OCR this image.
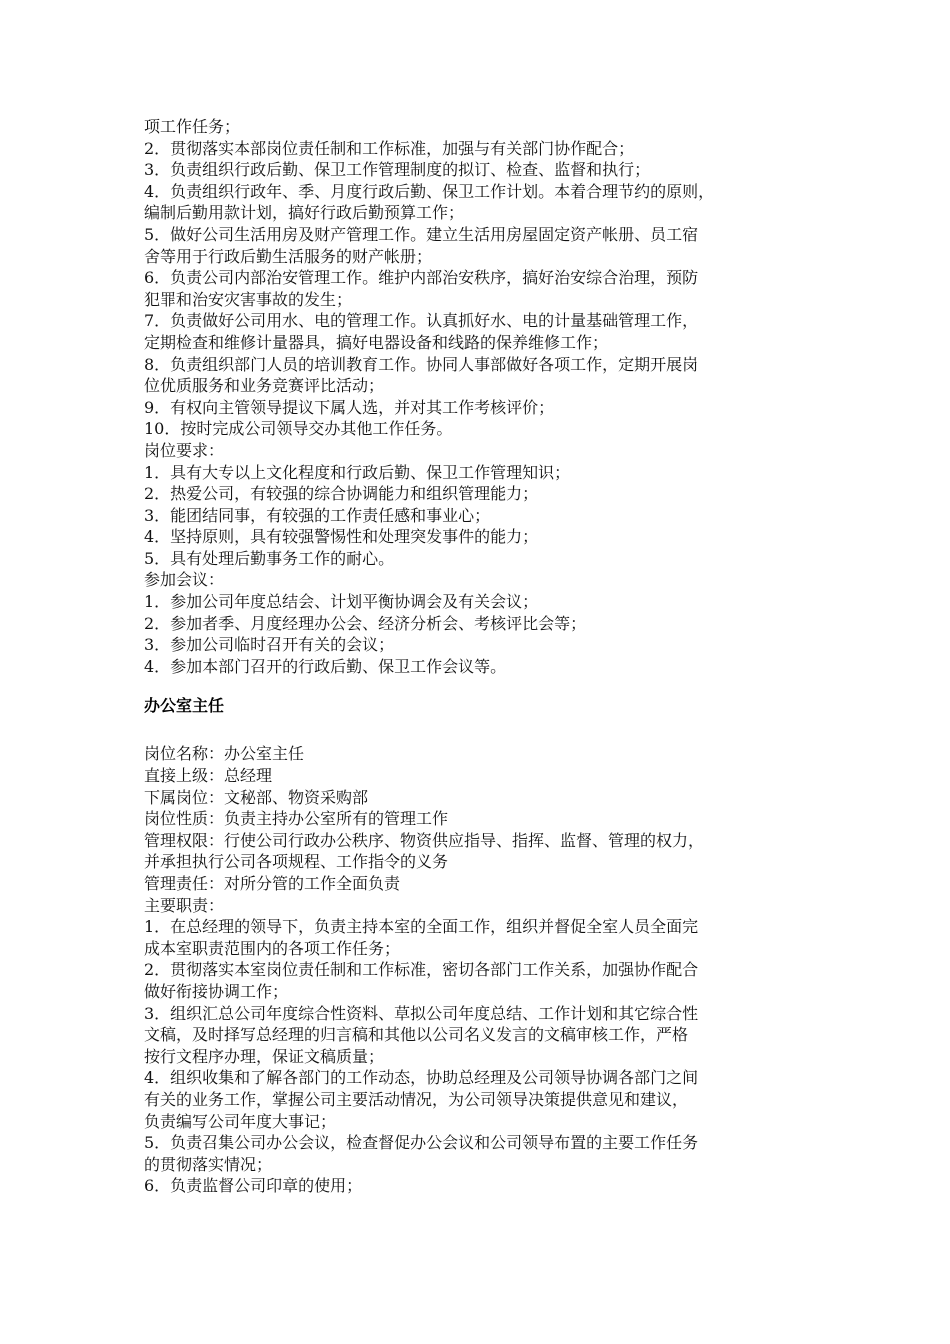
项工作任务；
2．贯彻落实本部岗位责任制和工作标准，加强与有关部门协作配合；
3．负责组织行政后勤、保卫工作管理制度的拟订、检查、监督和执行；
4．负责组织行政年、季、月度行政后勤、保卫工作计划。本着合理节约的原则，
编制后勤用款计划，搞好行政后勤预算工作；
5．做好公司生活用房及财产管理工作。建立生活用房屋固定资产帐册、员工宿
舍等用于行政后勤生活服务的财产帐册；
6．负责公司内部治安管理工作。维护内部治安秩序，搞好治安综合治理，预防
犯罪和治安灾害事故的发生；
7．负责做好公司用水、电的管理工作。认真抓好水、电的计量基础管理工作，
定期检查和维修计量器具，搞好电器设备和线路的保养维修工作；
8．负责组织部门人员的培训教育工作。协同人事部做好各项工作，定期开展岗
位优质服务和业务竞赛评比活动；
9．有权向主管领导提议下属人选，并对其工作考核评价；
10．按时完成公司领导交办其他工作任务。
岗位要求：
1．具有大专以上文化程度和行政后勤、保卫工作管理知识；
2．热爱公司，有较强的综合协调能力和组织管理能力；
3．能团结同事，有较强的工作责任感和事业心；
4．坚持原则，具有较强警惕性和处理突发事件的能力；
5．具有处理后勤事务工作的耐心。
参加会议：
1．参加公司年度总结会、计划平衡协调会及有关会议；
2．参加者季、月度经理办公会、经济分析会、考核评比会等；
3．参加公司临时召开有关的会议；
4．参加本部门召开的行政后勤、保卫工作会议等。
办公室主任
岗位名称：办公室主任
直接上级：总经理
下属岗位：文秘部、物资采购部
岗位性质：负责主持办公室所有的管理工作
管理权限：行使公司行政办公秩序、物资供应指导、指挥、监督、管理的权力，
并承担执行公司各项规程、工作指令的义务
管理责任：对所分管的工作全面负责
主要职责：
1．在总经理的领导下，负责主持本室的全面工作，组织并督促全室人员全面完
成本室职责范围内的各项工作任务；
2．贯彻落实本室岗位责任制和工作标准，密切各部门工作关系，加强协作配合
做好衔接协调工作；
3．组织汇总公司年度综合性资料、草拟公司年度总结、工作计划和其它综合性
文稿，及时择写总经理的归言稿和其他以公司名义发言的文稿审核工作，严格
按行文程序办理，保证文稿质量；
4．组织收集和了解各部门的工作动态，协助总经理及公司领导协调各部门之间
有关的业务工作，掌握公司主要活动情况，为公司领导决策提供意见和建议，
负责编写公司年度大事记；
5．负责召集公司办公会议，检查督促办公会议和公司领导布置的主要工作任务
的贯彻落实情况；
6．负责监督公司印章的使用；
